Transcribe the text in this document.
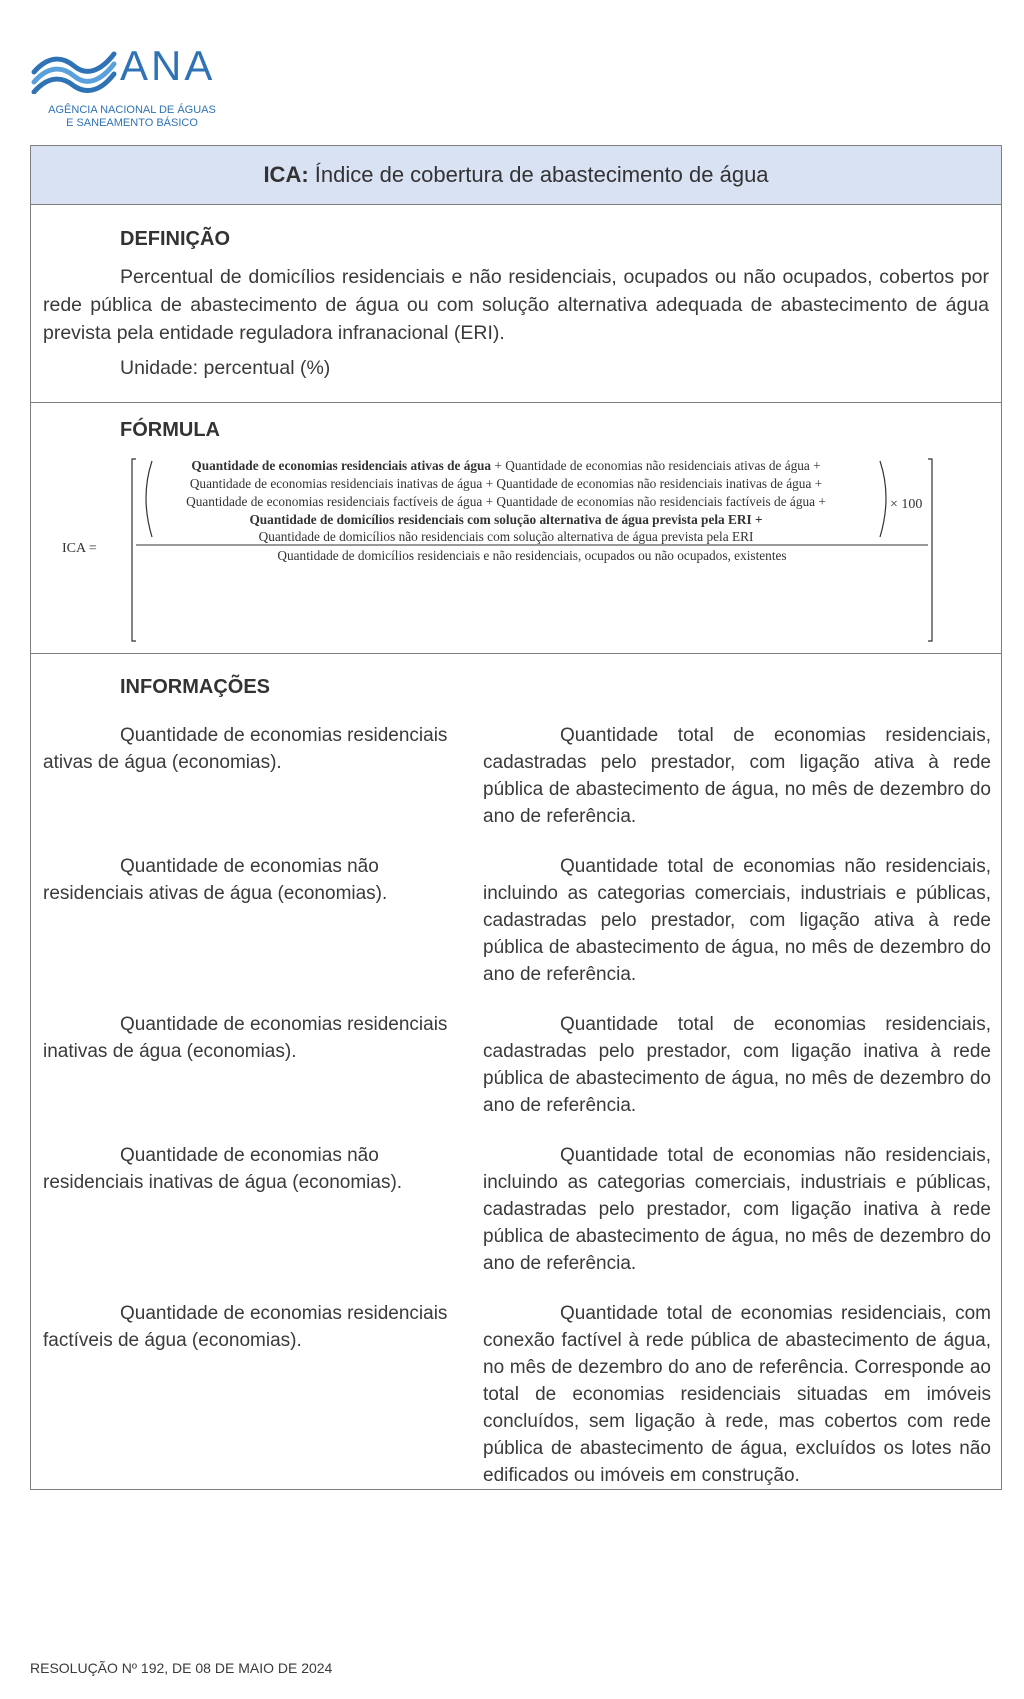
ANA
AGÊNCIA NACIONAL DE ÁGUAS
E SANEAMENTO BÁSICO
ICA: Índice de cobertura de abastecimento de água
DEFINIÇÃO
Percentual de domicílios residenciais e não residenciais, ocupados ou não ocupados, cobertos por rede pública de abastecimento de água ou com solução alternativa adequada de abastecimento de água prevista pela entidade reguladora infranacional (ERI).
Unidade: percentual (%)
FÓRMULA
ICA =
Quantidade de economias residenciais ativas de água + Quantidade de economias não residenciais ativas de água +
Quantidade de economias residenciais inativas de água + Quantidade de economias não residenciais inativas de água +
Quantidade de economias residenciais factíveis de água + Quantidade de economias não residenciais factíveis de água +
Quantidade de domicílios residenciais com solução alternativa de água prevista pela ERI +
Quantidade de domicílios não residenciais com solução alternativa de água prevista pela ERI
Quantidade de domicílios residenciais e não residenciais, ocupados ou não ocupados, existentes
× 100
INFORMAÇÕES
Quantidade de economias residenciais ativas de água (economias).
Quantidade total de economias residenciais, cadastradas pelo prestador, com ligação ativa à rede pública de abastecimento de água, no mês de dezembro do ano de referência.
Quantidade de economias não residenciais ativas de água (economias).
Quantidade total de economias não residenciais, incluindo as categorias comerciais, industriais e públicas, cadastradas pelo prestador, com ligação ativa à rede pública de abastecimento de água, no mês de dezembro do ano de referência.
Quantidade de economias residenciais inativas de água (economias).
Quantidade total de economias residenciais, cadastradas pelo prestador, com ligação inativa à rede pública de abastecimento de água, no mês de dezembro do ano de referência.
Quantidade de economias não residenciais inativas de água (economias).
Quantidade total de economias não residenciais, incluindo as categorias comerciais, industriais e públicas, cadastradas pelo prestador, com ligação inativa à rede pública de abastecimento de água, no mês de dezembro do ano de referência.
Quantidade de economias residenciais factíveis de água (economias).
Quantidade total de economias residenciais, com conexão factível à rede pública de abastecimento de água, no mês de dezembro do ano de referência. Corresponde ao total de economias residenciais situadas em imóveis concluídos, sem ligação à rede, mas cobertos com rede pública de abastecimento de água, excluídos os lotes não edificados ou imóveis em construção.
RESOLUÇÃO Nº 192, DE 08 DE MAIO DE 2024
